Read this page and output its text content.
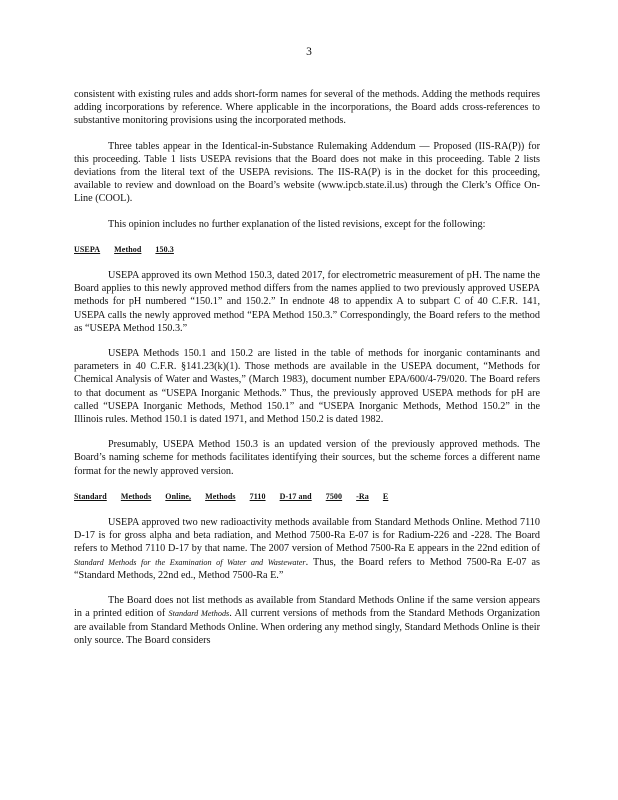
3

consistent with existing rules and adds short-form names for several of the methods. Adding the methods requires adding incorporations by reference. Where applicable in the incorporations, the Board adds cross-references to substantive monitoring provisions using the incorporated methods.

Three tables appear in the Identical-in-Substance Rulemaking Addendum — Proposed (IIS-RA(P)) for this proceeding. Table 1 lists USEPA revisions that the Board does not make in this proceeding. Table 2 lists deviations from the literal text of the USEPA revisions. The IIS-RA(P) is in the docket for this proceeding, available to review and download on the Board’s website (www.ipcb.state.il.us) through the Clerk’s Office On-Line (COOL).

This opinion includes no further explanation of the listed revisions, except for the following:

USEPA Method 150.3

USEPA approved its own Method 150.3, dated 2017, for electrometric measurement of pH. The name the Board applies to this newly approved method differs from the names applied to two previously approved USEPA methods for pH numbered “150.1” and 150.2.” In endnote 48 to appendix A to subpart C of 40 C.F.R. 141, USEPA calls the newly approved method “EPA Method 150.3.” Correspondingly, the Board refers to the method as “USEPA Method 150.3.”

USEPA Methods 150.1 and 150.2 are listed in the table of methods for inorganic contaminants and parameters in 40 C.F.R. §141.23(k)(1). Those methods are available in the USEPA document, “Methods for Chemical Analysis of Water and Wastes,” (March 1983), document number EPA/600/4-79/020. The Board refers to that document as “USEPA Inorganic Methods.” Thus, the previously approved USEPA methods for pH are called “USEPA Inorganic Methods, Method 150.1” and “USEPA Inorganic Methods, Method 150.2” in the Illinois rules. Method 150.1 is dated 1971, and Method 150.2 is dated 1982.

Presumably, USEPA Method 150.3 is an updated version of the previously approved methods. The Board’s naming scheme for methods facilitates identifying their sources, but the scheme forces a different name format for the newly approved version.

Standard Methods Online, Methods 7110 D-17 and 7500 -Ra E

USEPA approved two new radioactivity methods available from Standard Methods Online. Method 7110 D-17 is for gross alpha and beta radiation, and Method 7500-Ra E-07 is for Radium-226 and -228. The Board refers to Method 7110 D-17 by that name. The 2007 version of Method 7500-Ra E appears in the 22nd edition of Standard Methods for the Examination of Water and Wastewater. Thus, the Board refers to Method 7500-Ra E-07 as “Standard Methods, 22nd ed., Method 7500-Ra E.”

The Board does not list methods as available from Standard Methods Online if the same version appears in a printed edition of Standard Methods. All current versions of methods from the Standard Methods Organization are available from Standard Methods Online. When ordering any method singly, Standard Methods Online is their only source. The Board considers
